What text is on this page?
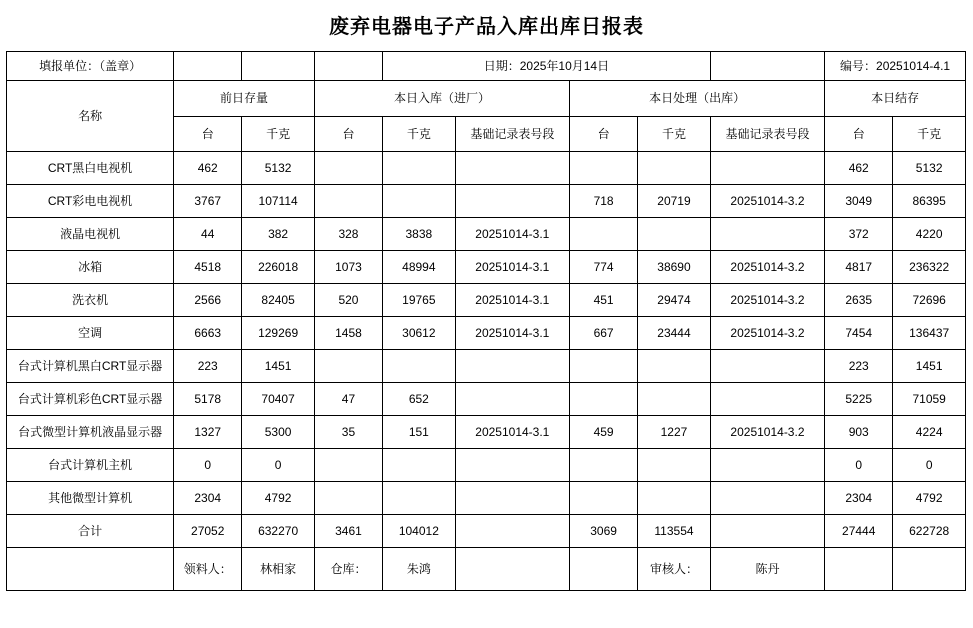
废弃电器电子产品入库出库日报表
填报单位：（盖章）				日期：2025年10月14日					编号：20251014-4.1	
名称	前日存量		本日入库（进厂）			本日处理（出库）			本日结存	
	台	千克	台	千克	基础记录表号段	台	千克	基础记录表号段	台	千克
CRT黑白电视机	462	5132							462	5132
CRT彩电电视机	3767	107114				718	20719	20251014-3.2	3049	86395
液晶电视机	44	382	328	3838	20251014-3.1				372	4220
冰箱	4518	226018	1073	48994	20251014-3.1	774	38690	20251014-3.2	4817	236322
洗衣机	2566	82405	520	19765	20251014-3.1	451	29474	20251014-3.2	2635	72696
空调	6663	129269	1458	30612	20251014-3.1	667	23444	20251014-3.2	7454	136437
台式计算机黑白CRT显示器	223	1451							223	1451
台式计算机彩色CRT显示器	5178	70407	47	652					5225	71059
台式微型计算机液晶显示器	1327	5300	35	151	20251014-3.1	459	1227	20251014-3.2	903	4224
台式计算机主机	0	0							0	0
其他微型计算机	2304	4792							2304	4792
合计	27052	632270	3461	104012		3069	113554		27444	622728
	领料人：	林相家	仓库：	朱鸿			审核人：	陈丹		
